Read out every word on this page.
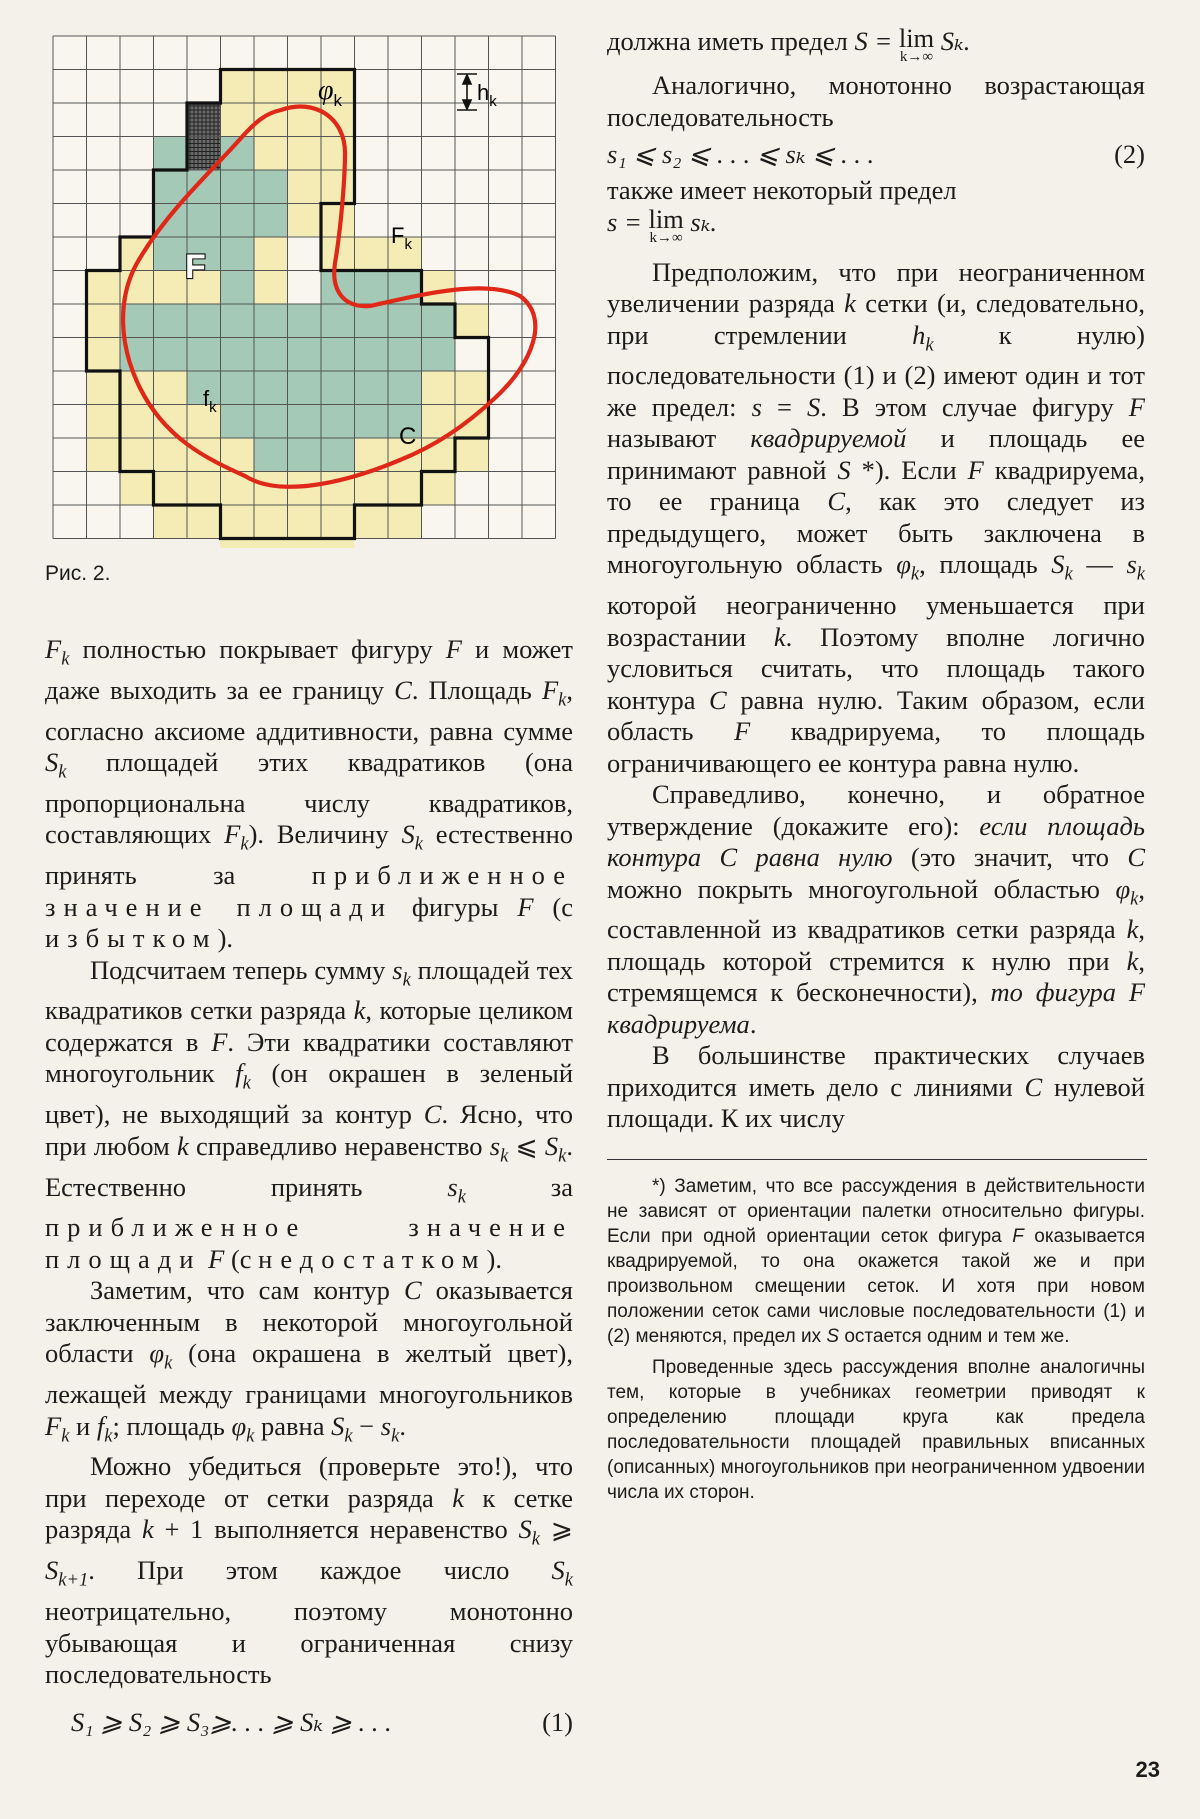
$\varphi_k$	$h_k$
F
$F_k$
$f_k$
C
Рис. 2.

$F_k$ полностью покрывает фигуру F и может даже выходить за ее границу C. Площадь $F_k$, согласно аксиоме аддитивности, равна сумме $S_k$ площадей этих квадратиков (она пропорциональна числу квадратиков, составляющих $F_k$). Величину $S_k$ естественно принять за приближенное значение площади фигуры F (с избытком).

Подсчитаем теперь сумму $s_k$ площадей тех квадратиков сетки разряда k, которые целиком содержатся в F. Эти квадратики составляют многоугольник $f_k$ (он окрашен в зеленый цвет), не выходящий за контур C. Ясно, что при любом k справедливо неравенство $s_k$ ⩽ $S_k$. Естественно принять $s_k$ за приближенное значение площади F (с недостатком).

Заметим, что сам контур C оказывается заключенным в некоторой многоугольной области $\varphi_k$ (она окрашена в желтый цвет), лежащей между границами многоугольников $F_k$ и $f_k$; площадь $\varphi_k$ равна $S_k - s_k$.

Можно убедиться (проверьте это!), что при переходе от сетки разряда k к сетке разряда k + 1 выполняется неравенство $S_k$ ⩾ $S_{k+1}$. При этом каждое число $S_k$ неотрицательно, поэтому монотонно убывающая и ограниченная снизу последовательность

S₁ ⩾ S₂ ⩾ S₃⩾. . . ⩾ Sₖ ⩾ . . .	(1)

должна иметь предел S = lim
k→∞
Sₖ.

Аналогично, монотонно возрастающая последовательность

s₁ ⩽ s₂ ⩽ . . . ⩽ sₖ ⩽ . . .	(2)

также имеет некоторый предел
s = lim
k→∞
sₖ.

Предположим, что при неограниченном увеличении разряда k сетки (и, следовательно, при стремлении $h_k$ к нулю) последовательности (1) и (2) имеют один и тот же предел: s = S. В этом случае фигуру F называют квадрируемой и площадь ее принимают равной S *). Если F квадрируема, то ее граница C, как это следует из предыдущего, может быть заключена в многоугольную область $\varphi_k$, площадь $S_k$ — $s_k$ которой неограниченно уменьшается при возрастании k. Поэтому вполне логично условиться считать, что площадь такого контура C равна нулю. Таким образом, если область F квадрируема, то площадь ограничивающего ее контура равна нулю.

Справедливо, конечно, и обратное утверждение (докажите его): если площадь контура C равна нулю (это значит, что C можно покрыть многоугольной областью $\varphi_k$, составленной из квадратиков сетки разряда k, площадь которой стремится к нулю при k, стремящемся к бесконечности), то фигура F квадрируема.

В большинстве практических случаев приходится иметь дело с линиями C нулевой площади. К их числу

*) Заметим, что все рассуждения в действительности не зависят от ориентации палетки относительно фигуры. Если при одной ориентации сеток фигура F оказывается квадрируемой, то она окажется такой же и при произвольном смещении сеток. И хотя при новом положении сеток сами числовые последовательности (1) и (2) меняются, предел их S остается одним и тем же.

Проведенные здесь рассуждения вполне аналогичны тем, которые в учебниках геометрии приводят к определению площади круга как предела последовательности площадей правильных вписанных (описанных) многоугольников при неограниченном удвоении числа их сторон.

23
